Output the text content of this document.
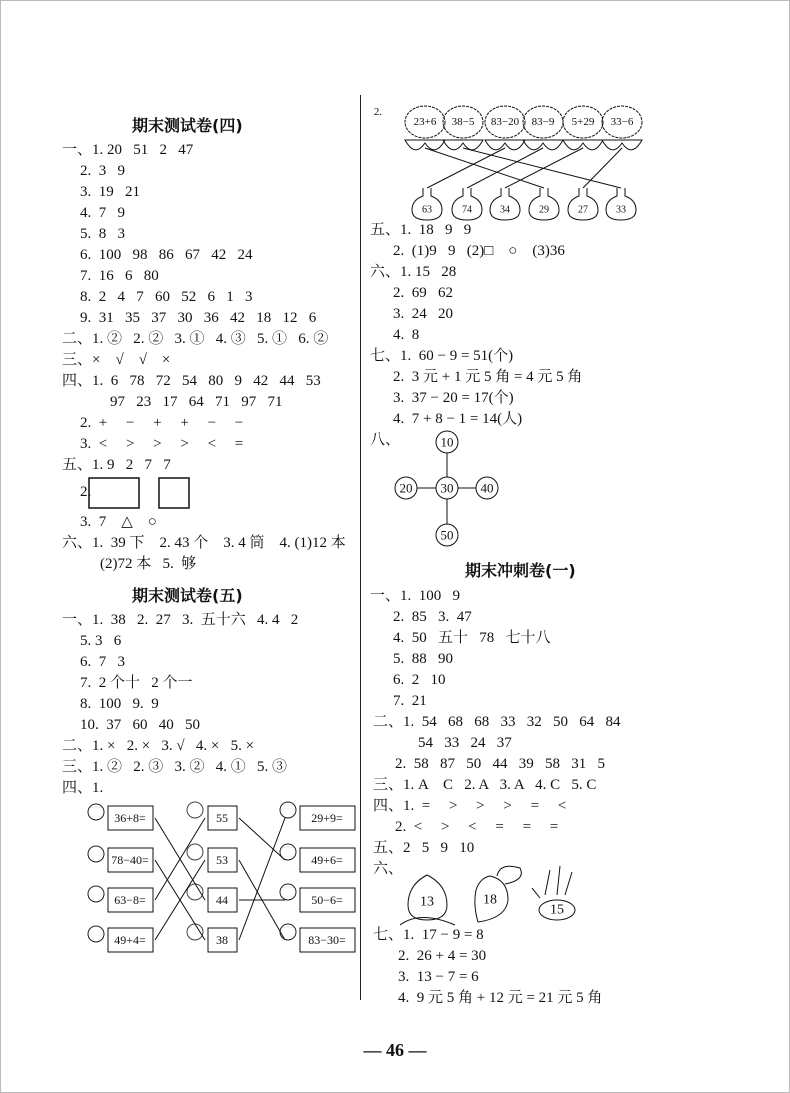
期末测试卷(四)
期末测试卷(五)
期末冲刺卷(一)
— 46 —
一、1. 20   51   2   47
2.  3   9
3.  19   21
4.  7   9
5.  8   3
6.  100   98   86   67   42   24
7.  16   6   80
8.  2   4   7   60   52   6   1   3
9.  31   35   37   30   36   42   18   12   6
二、1. ②   2. ②   3. ①   4. ③   5. ①   6. ②
三、×    √    √    ×
四、1.  6   78   72   54   80   9   42   44   53
97   23   17   64   71   97   71
2.  +     −     +     +     −     −
3.  <     >     >     >     <     =
五、1. 9   2   7   7
2.
3.  7    △    ○
六、1.  39 下    2. 43 个    3. 4 筒    4. (1)12 本
(2)72 本   5.  够
一、1.  38   2.  27   3.  五十六   4. 4   2
5. 3   6
6.  7   3
7.  2 个十   2 个一
8.  100   9.  9
10.  37   60   40   50
二、1. ×   2. ×   3. √   4. ×   5. ×
三、1. ②   2. ③   3. ②   4. ①   5. ③
四、1.
五、1.  18   9   9
2.  (1)9   9   (2)□    ○    (3)36
六、1. 15   28
2.  69   62
3.  24   20
4.  8
七、1.  60 − 9 = 51(个)
2.  3 元 + 1 元 5 角 = 4 元 5 角
3.  37 − 20 = 17(个)
4.  7 + 8 − 1 = 14(人)
八、
一、1.  100   9
2.  85   3.  47
4.  50   五十   78   七十八
5.  88   90
6.  2   10
7.  21
二、1.  54   68   68   33   32   50   64   84
54   33   24   37
2.  58   87   50   44   39   58   31   5
三、1. A    C   2. A   3. A   4. C   5. C
四、1.  =     >     >     >     =     <
2.  <     >     <     =     =     =
五、2   5   9   10
六、
七、1.  17 − 9 = 8
2.  26 + 4 = 30
3.  13 − 7 = 6
4.  9 元 5 角 + 12 元 = 21 元 5 角
36+8=	55	29+9=
78−40=	53	49+6=
63−8=	44	50−6=
49+4=	38	83−30=
2.
23+6 38−5 83−20 83−9 5+29 33−6
63	74	34	29	27	33
10
20 30 40
50
13	18
15
